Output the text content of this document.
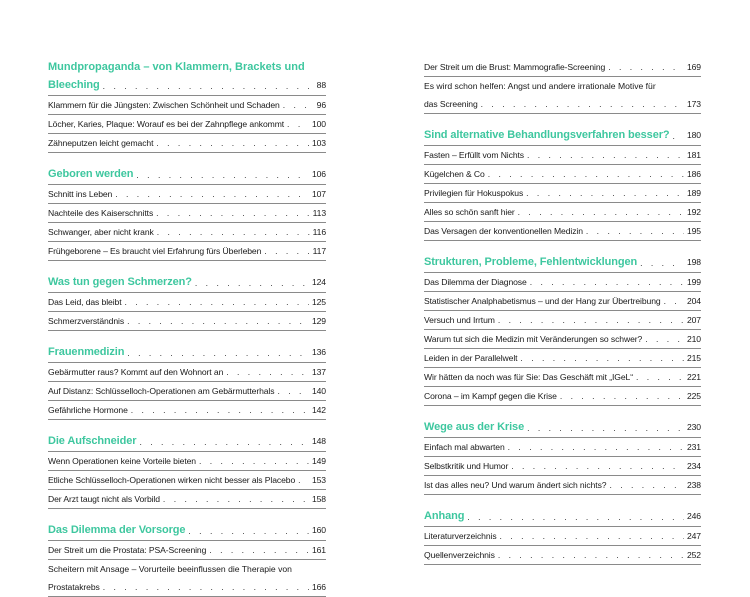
Mundpropaganda – von Klammern, Brackets und
Bleeching . . .	88
Klammern für die Jüngsten: Zwischen Schönheit und Schaden . . .	96
Löcher, Karies, Plaque: Worauf es bei der Zahnpflege ankommt . . .	100
Zähneputzen leicht gemacht . . .	103
Geboren werden . . .	106
Schnitt ins Leben . . .	107
Nachteile des Kaiserschnitts . . .	113
Schwanger, aber nicht krank . . .	116
Frühgeborene – Es braucht viel Erfahrung fürs Überleben . . .	117
Was tun gegen Schmerzen? . . .	124
Das Leid, das bleibt . . .	125
Schmerzverständnis . . .	129
Frauenmedizin . . .	136
Gebärmutter raus? Kommt auf den Wohnort an . . .	137
Auf Distanz: Schlüsselloch-Operationen am Gebärmutterhals . . .	140
Gefährliche Hormone . . .	142
Die Aufschneider . . .	148
Wenn Operationen keine Vorteile bieten . . .	149
Etliche Schlüsselloch-Operationen wirken nicht besser als Placebo . . . 153
Der Arzt taugt nicht als Vorbild . . .	158
Das Dilemma der Vorsorge . . .	160
Der Streit um die Prostata: PSA-Screening . . .	161
Scheitern mit Ansage – Vorurteile beeinflussen die Therapie von
Prostatakrebs . . .	166
Der Streit um die Brust: Mammografie-Screening . . .	169
Es wird schon helfen: Angst und andere irrationale Motive für
das Screening . . .	173
Sind alternative Behandlungsverfahren besser? . . . 180
Fasten – Erfüllt vom Nichts . . .	181
Kügelchen & Co . . .	186
Privilegien für Hokuspokus . . .	189
Alles so schön sanft hier . . .	192
Das Versagen der konventionellen Medizin . . .	195
Strukturen, Probleme, Fehlentwicklungen . . .	198
Das Dilemma der Diagnose . . .	199
Statistischer Analphabetismus – und der Hang zur Übertreibung . . .	204
Versuch und Irrtum . . .	207
Warum tut sich die Medizin mit Veränderungen so schwer? . . .	210
Leiden in der Parallelwelt . . .	215
Wir hätten da noch was für Sie: Das Geschäft mit „IGeL“ . . .	221
Corona – im Kampf gegen die Krise . . .	225
Wege aus der Krise . . .	230
Einfach mal abwarten . . .	231
Selbstkritik und Humor . . .	234
Ist das alles neu? Und warum ändert sich nichts? . . .	238
Anhang . . .	246
Literaturverzeichnis . . .	247
Quellenverzeichnis . . .	252
